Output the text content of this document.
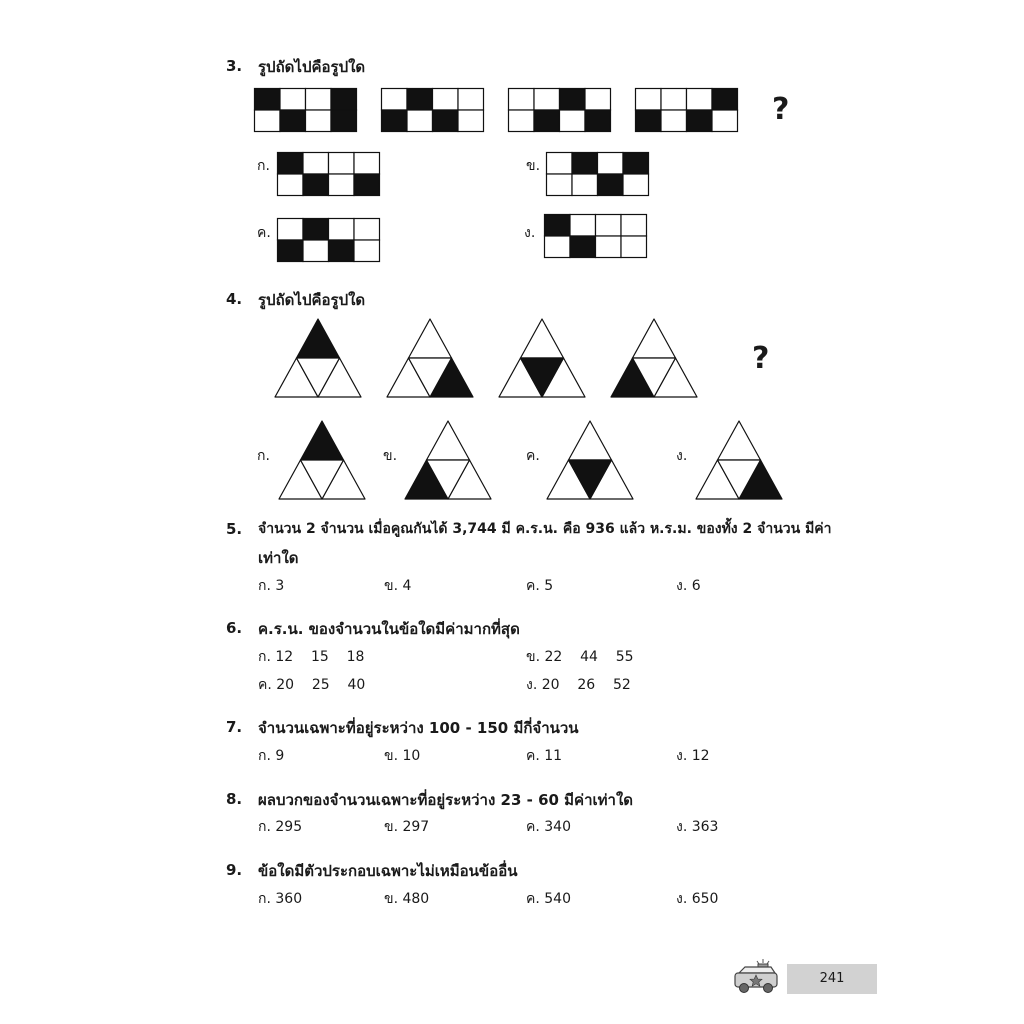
3. รูปถัดไปคือรูปใด
?
ก.	ข.
ค.	ง.
4. รูปถัดไปคือรูปใด
?
ก.	ข.	ค.	ง.
5. จำนวน 2 จำนวน เมื่อคูณกันได้ 3,744 มี ค.ร.น. คือ 936 แล้ว ห.ร.ม. ของทั้ง 2 จำนวน มีค่า
เท่าใด
ก. 3	ข. 4	ค. 5	ง. 6
6. ค.ร.น. ของจำนวนในข้อใดมีค่ามากที่สุด
ก. 12    15    18	ข. 22    44    55
ค. 20    25    40	ง. 20    26    52
7. จำนวนเฉพาะที่อยู่ระหว่าง 100 - 150 มีกี่จำนวน
ก. 9	ข. 10	ค. 11	ง. 12
8. ผลบวกของจำนวนเฉพาะที่อยู่ระหว่าง 23 - 60 มีค่าเท่าใด
ก. 295	ข. 297	ค. 340	ง. 363
9. ข้อใดมีตัวประกอบเฉพาะไม่เหมือนข้ออื่น
ก. 360	ข. 480	ค. 540	ง. 650
241
